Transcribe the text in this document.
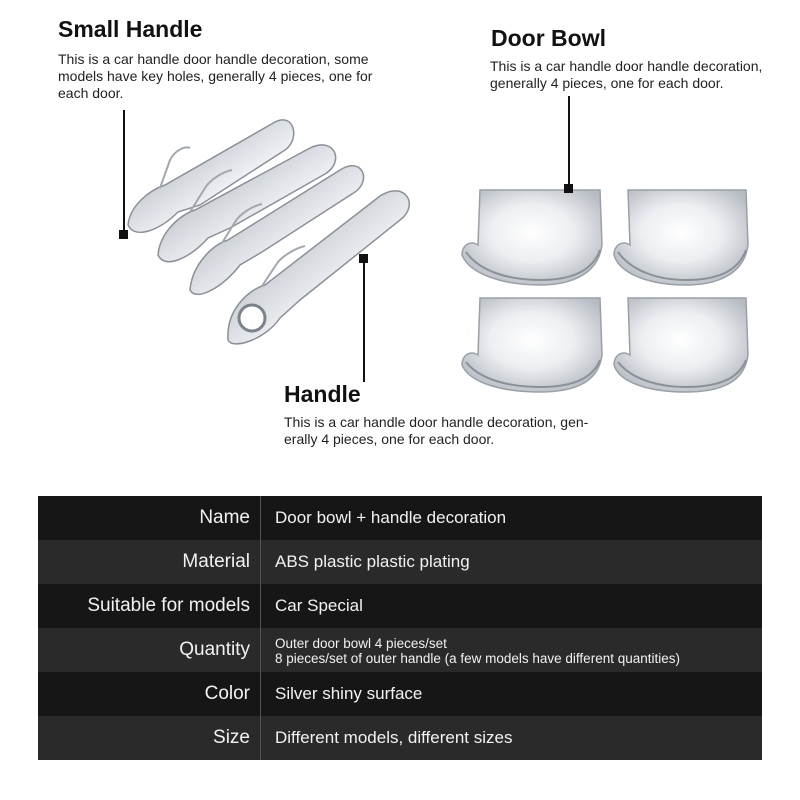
Small Handle
This is a car handle door handle decoration, some
models have key holes, generally 4 pieces, one for
each door.
Door Bowl
This is a car handle door handle decoration,
generally 4 pieces, one for each door.
Handle
This is a car handle door handle decoration, gen-
erally 4 pieces, one for each door.
Name Door bowl + handle decoration
Material ABS plastic plastic plating
Suitable for models Car Special
Quantity Outer door bowl 4 pieces/set
8 pieces/set of outer handle (a few models have different quantities)
Color Silver shiny surface
Size Different models, different sizes
